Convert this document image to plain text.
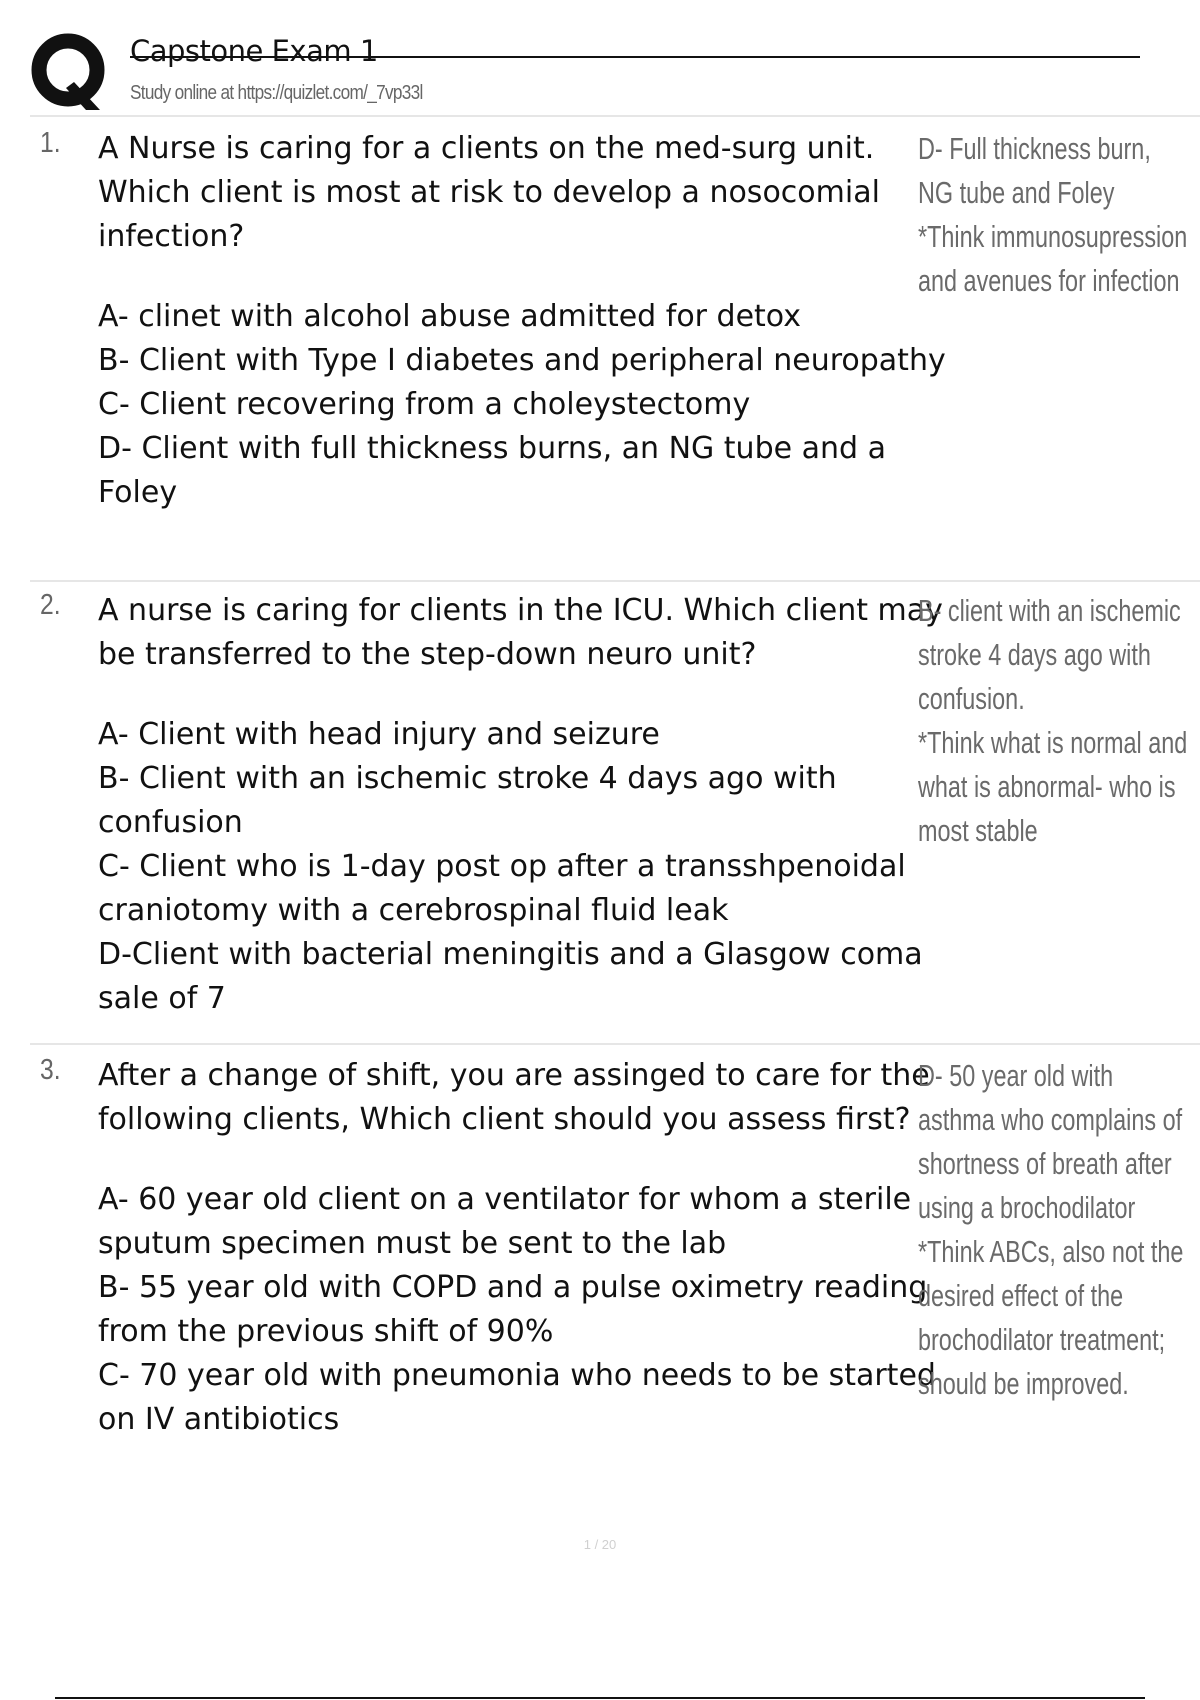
Capstone Exam 1
Study online at https://quizlet.com/_7vp33l
1. A Nurse is caring for a clients on the med-surg unit. Which client is most at risk to develop a nosocomial infection?

A- clinet with alcohol abuse admitted for detox

B- Client with Type I diabetes and peripheral neuropathy

C- Client recovering from a choleystectomy

D- Client with full thickness burns, an NG tube and a Foley

D- Full thickness burn, NG tube and Foley

*Think immunosupression and avenues for infection

2. A nurse is caring for clients in the ICU. Which client may be transferred to the step-down neuro unit?

A- Client with head injury and seizure

B- Client with an ischemic stroke 4 days ago with confusion

C- Client who is 1-day post op after a transshpenoidal craniotomy with a cerebrospinal fluid leak

D-Client with bacterial meningitis and a Glasgow coma sale of 7

B- client with an ischemic stroke 4 days ago with confusion.

*Think what is normal and what is abnormal- who is most stable

3. After a change of shift, you are assinged to care for the following clients, Which client should you assess first?

A- 60 year old client on a ventilator for whom a sterile sputum specimen must be sent to the lab

B- 55 year old with COPD and a pulse oximetry reading from the previous shift of 90%

C- 70 year old with pneumonia who needs to be started on IV antibiotics

D- 50 year old with asthma who complains of shortness of breath after using a brochodilator

*Think ABCs, also not the desired effect of the brochodilator treatment; should be improved.

1 / 20
